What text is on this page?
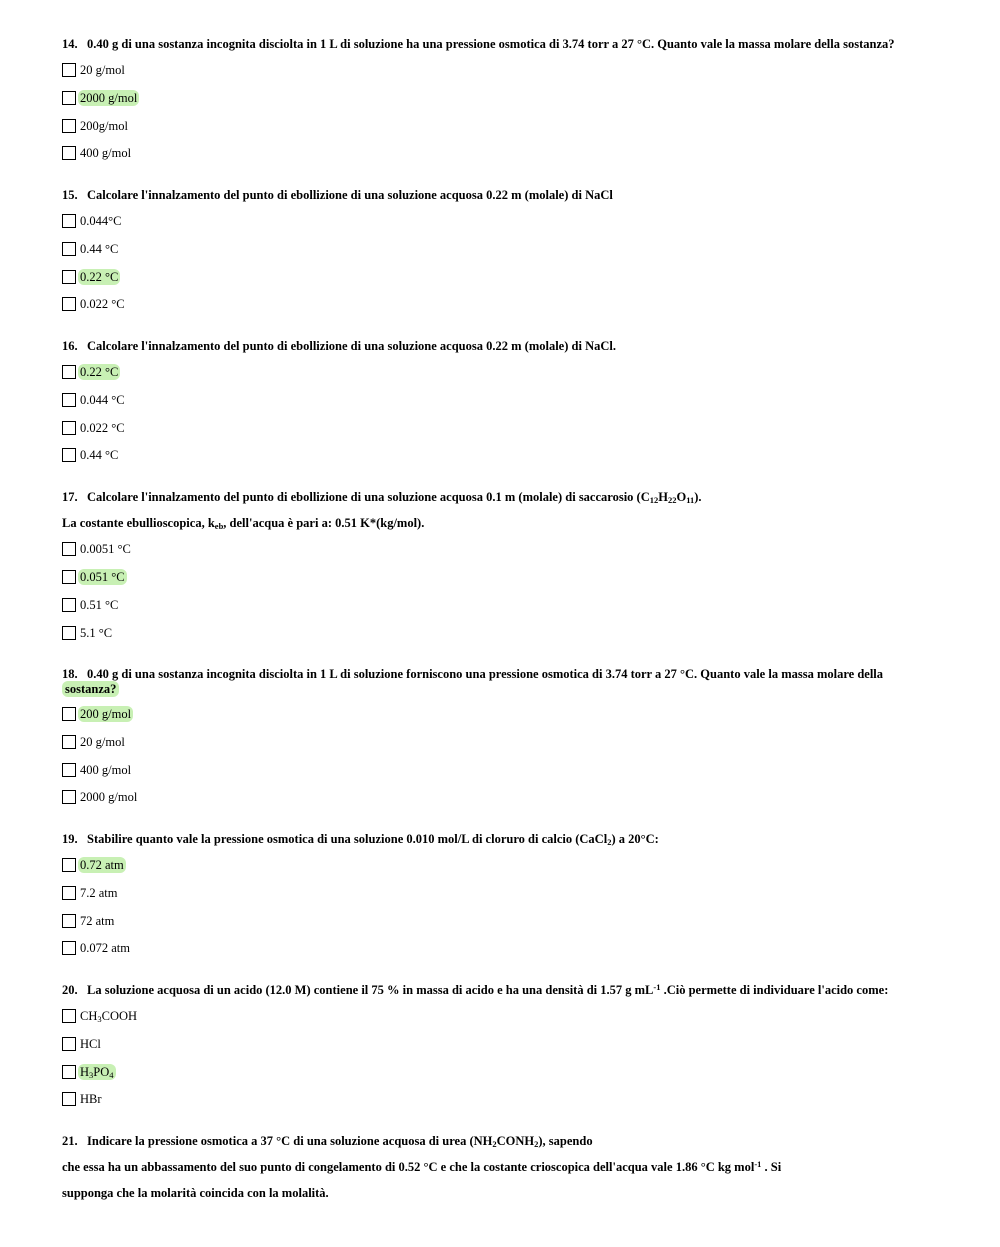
14. 0.40 g di una sostanza incognita disciolta in 1 L di soluzione ha una pressione osmotica di 3.74 torr a 27 °C. Quanto vale la massa molare della sostanza?
20 g/mol
2000 g/mol
200g/mol
400 g/mol
15. Calcolare l'innalzamento del punto di ebollizione di una soluzione acquosa 0.22 m (molale) di NaCl
0.044°C
0.44 °C
0.22 °C
0.022 °C
16. Calcolare l'innalzamento del punto di ebollizione di una soluzione acquosa 0.22 m (molale) di NaCl.
0.22 °C
0.044 °C
0.022 °C
0.44 °C
17. Calcolare l'innalzamento del punto di ebollizione di una soluzione acquosa 0.1 m (molale) di saccarosio $(C_{12}H_{22}O_{11})$.
La costante ebullioscopica, $k_{eb}$, dell'acqua è pari a: 0.51 K*(kg/mol).
0.0051 °C
0.051 °C
0.51 °C
5.1 °C
18. 0.40 g di una sostanza incognita disciolta in 1 L di soluzione forniscono una pressione osmotica di 3.74 torr a 27 °C. Quanto vale la massa molare della
sostanza?
200 g/mol
20 g/mol
400 g/mol
2000 g/mol
19. Stabilire quanto vale la pressione osmotica di una soluzione 0.010 mol/L di cloruro di calcio (CaCl$_2$) a 20°C:
0.72 atm
7.2 atm
72 atm
0.072 atm
20. La soluzione acquosa di un acido (12.0 M) contiene il 75 % in massa di acido e ha una densità di 1.57 g $mL^{-1}$ .Ciò permette di individuare l'acido come:
$CH_3COOH$
HCl
$H_3PO_4$
HBr
21. Indicare la pressione osmotica a 37 °C di una soluzione acquosa di urea $(NH_2CONH_2)$, sapendo
che essa ha un abbassamento del suo punto di congelamento di 0.52 °C e che la costante crioscopica dell'acqua vale 1.86 °C kg mol$^{-1}$ . Si
supponga che la molarità coincida con la molalità.
